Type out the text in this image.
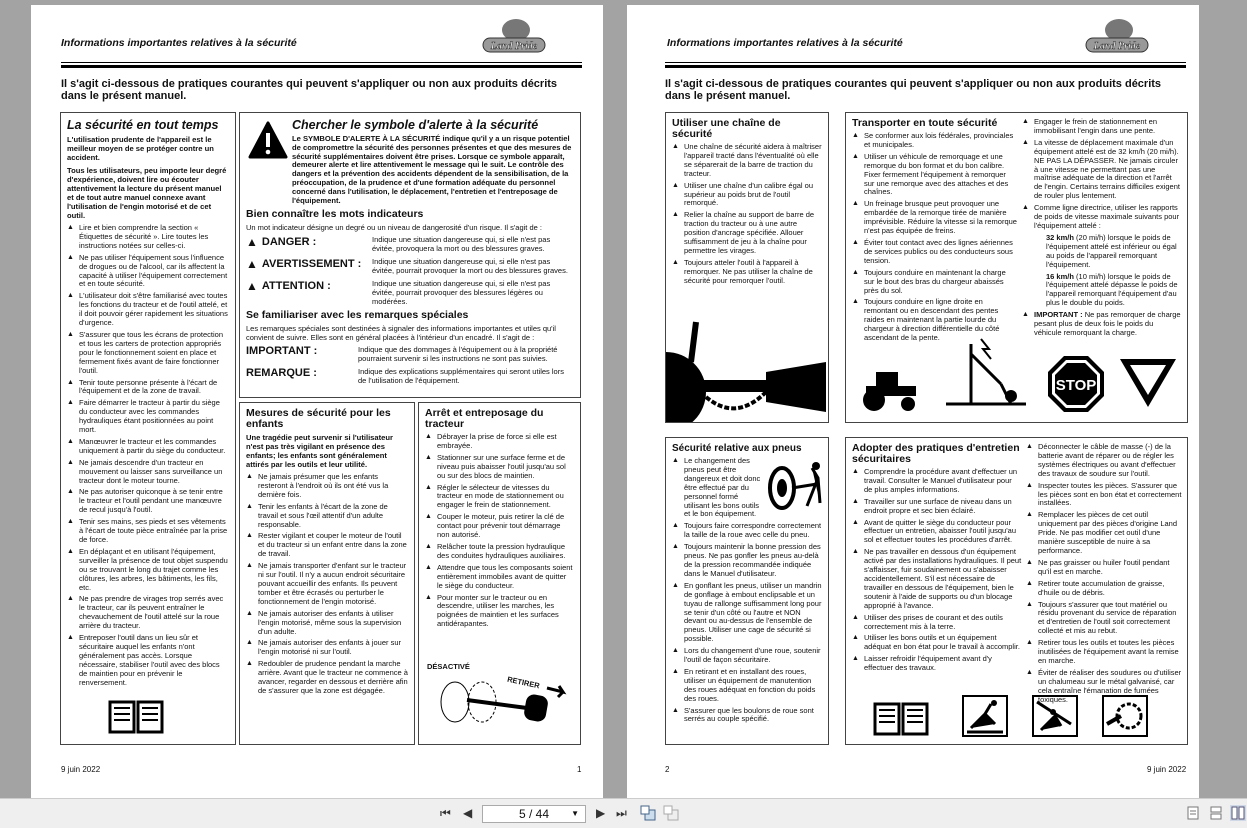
Informations importantes relatives à la sécurité	Land Pride
Il s'agit ci-dessous de pratiques courantes qui peuvent s'appliquer ou non aux produits décrits dans le présent manuel.
La sécurité en tout temps

L'utilisation prudente de l'appareil est le meilleur moyen de se protéger contre un accident.

Tous les utilisateurs, peu importe leur degré d'expérience, doivent lire ou écouter attentivement la lecture du présent manuel et de tout autre manuel connexe avant l'utilisation de l'engin motorisé et de cet outil.

▲ Lire et bien comprendre la section « Étiquettes de sécurité ». Lire toutes les instructions notées sur celles-ci.
▲ Ne pas utiliser l'équipement sous l'influence de drogues ou de l'alcool, car ils affectent la capacité à utiliser l'équipement correctement et en toute sécurité.
▲ L'utilisateur doit s'être familiarisé avec toutes les fonctions du tracteur et de l'outil attelé, et il doit pouvoir gérer rapidement les situations d'urgence.
▲ S'assurer que tous les écrans de protection et tous les carters de protection appropriés pour le fonctionnement soient en place et fermement fixés avant de faire fonctionner l'outil.
▲ Tenir toute personne présente à l'écart de l'équipement et de la zone de travail.
▲ Faire démarrer le tracteur à partir du siège du conducteur avec les commandes hydrauliques étant positionnées au point mort.
▲ Manœuvrer le tracteur et les commandes uniquement à partir du siège du conducteur.
▲ Ne jamais descendre d'un tracteur en mouvement ou laisser sans surveillance un tracteur dont le moteur tourne.
▲ Ne pas autoriser quiconque à se tenir entre le tracteur et l'outil pendant une manœuvre de recul jusqu'à l'outil.
▲ Tenir ses mains, ses pieds et ses vêtements à l'écart de toute pièce entraînée par la prise de force.
▲ En déplaçant et en utilisant l'équipement, surveiller la présence de tout objet suspendu ou se trouvant le long du trajet comme les clôtures, les arbres, les bâtiments, les fils, etc.
▲ Ne pas prendre de virages trop serrés avec le tracteur, car ils peuvent entraîner le chevauchement de l'outil attelé sur la roue arrière du tracteur.
▲ Entreposer l'outil dans un lieu sûr et sécuritaire auquel les enfants n'ont généralement pas accès. Lorsque nécessaire, stabiliser l'outil avec des blocs de maintien pour en prévenir le renversement.
Chercher le symbole d'alerte à la sécurité

Le SYMBOLE D'ALERTE À LA SÉCURITÉ indique qu'il y a un risque potentiel de compromettre la sécurité des personnes présentes et que des mesures de sécurité supplémentaires doivent être prises. Lorsque ce symbole apparaît, demeurer alerte et lire attentivement le message qui le suit. Le contrôle des dangers et la prévention des accidents dépendent de la sensibilisation, de la préoccupation, de la prudence et d'une formation adéquate du personnel concerné dans l'utilisation, le déplacement, l'entretien et l'entreposage de l'équipement.

Bien connaître les mots indicateurs

Un mot indicateur désigne un degré ou un niveau de dangerosité d'un risque. Il s'agit de :

▲ DANGER :	Indique une situation dangereuse qui, si elle n'est pas évitée, provoquera la mort ou des blessures graves.
▲ AVERTISSEMENT : Indique une situation dangereuse qui, si elle n'est pas évitée, pourrait provoquer la mort ou des blessures graves.
▲ ATTENTION :	Indique une situation dangereuse qui, si elle n'est pas évitée, pourrait provoquer des blessures légères ou modérées.
Se familiariser avec les remarques spéciales

Les remarques spéciales sont destinées à signaler des informations importantes et utiles qu'il convient de suivre. Elles sont en général placées à l'intérieur d'un encadré. Il s'agit de :

IMPORTANT :	Indique que des dommages à l'équipement ou à la propriété pourraient survenir si les instructions ne sont pas suivies.
REMARQUE :	Indique des explications supplémentaires qui seront utiles lors de l'utilisation de l'équipement.
Mesures de sécurité pour les enfants

Une tragédie peut survenir si l'utilisateur n'est pas très vigilant en présence des enfants; les enfants sont généralement attirés par les outils et leur utilité.

▲ Ne jamais présumer que les enfants resteront à l'endroit où ils ont été vus la dernière fois.
▲ Tenir les enfants à l'écart de la zone de travail et sous l'œil attentif d'un adulte responsable.
▲ Rester vigilant et couper le moteur de l'outil et du tracteur si un enfant entre dans la zone de travail.
▲ Ne jamais transporter d'enfant sur le tracteur ni sur l'outil. Il n'y a aucun endroit sécuritaire pouvant accueillir des enfants. Ils peuvent tomber et être écrasés ou perturber le fonctionnement de l'engin motorisé.
▲ Ne jamais autoriser des enfants à utiliser l'engin motorisé, même sous la supervision d'un adulte.
▲ Ne jamais autoriser des enfants à jouer sur l'engin motorisé ni sur l'outil.
▲ Redoubler de prudence pendant la marche arrière. Avant que le tracteur ne commence à avancer, regarder en dessous et derrière afin de s'assurer que la zone est dégagée.
Arrêt et entreposage du tracteur
▲ Débrayer la prise de force si elle est embrayée.
▲ Stationner sur une surface ferme et de niveau puis abaisser l'outil jusqu'au sol ou sur des blocs de maintien.
▲ Régler le sélecteur de vitesses du tracteur en mode de stationnement ou engager le frein de stationnement.
▲ Couper le moteur, puis retirer la clé de contact pour prévenir tout démarrage non autorisé.
▲ Relâcher toute la pression hydraulique des conduites hydrauliques auxiliaires.
▲ Attendre que tous les composants soient entièrement immobiles avant de quitter le siège du conducteur.
▲ Pour monter sur le tracteur ou en descendre, utiliser les marches, les poignées de maintien et les surfaces antidérapantes.
DÉSACTIVÉ
RETIRER
9 juin 2022	1
Informations importantes relatives à la sécurité	Land Pride
Il s'agit ci-dessous de pratiques courantes qui peuvent s'appliquer ou non aux produits décrits dans le présent manuel.
Utiliser une chaîne de sécurité
▲ Une chaîne de sécurité aidera à maîtriser l'appareil tracté dans l'éventualité où elle se séparerait de la barre de traction du tracteur.
▲ Utiliser une chaîne d'un calibre égal ou supérieur au poids brut de l'outil remorqué.
▲ Relier la chaîne au support de barre de traction du tracteur ou à une autre position d'ancrage spécifiée. Allouer suffisamment de jeu à la chaîne pour permettre les virages.
▲ Toujours atteler l'outil à l'appareil à remorquer. Ne pas utiliser la chaîne de sécurité pour remorquer l'outil.
Transporter en toute sécurité
▲ Se conformer aux lois fédérales, provinciales et municipales.
▲ Utiliser un véhicule de remorquage et une remorque du bon format et du bon calibre. Fixer fermement l'équipement à remorquer sur une remorque avec des attaches et des chaînes.
▲ Un freinage brusque peut provoquer une embardée de la remorque tirée de manière imprévisible. Réduire la vitesse si la remorque n'est pas équipée de freins.
▲ Éviter tout contact avec des lignes aériennes de services publics ou des conducteurs sous tension.
▲ Toujours conduire en maintenant la charge sur le bout des bras du chargeur abaissés près du sol.
▲ Toujours conduire en ligne droite en remontant ou en descendant des pentes raides en maintenant la partie lourde du chargeur à direction différentielle du côté ascendant de la pente.
▲ Engager le frein de stationnement en immobilisant l'engin dans une pente.
▲ La vitesse de déplacement maximale d'un équipement attelé est de 32 km/h (20 mi/h). NE PAS LA DÉPASSER. Ne jamais circuler à une vitesse ne permettant pas une maîtrise adéquate de la direction et l'arrêt de l'engin. Certains terrains difficiles exigent de rouler plus lentement.
▲ Comme ligne directrice, utiliser les rapports de poids de vitesse maximale suivants pour l'équipement attelé :

32 km/h (20 mi/h) lorsque le poids de l'équipement attelé est inférieur ou égal au poids de l'appareil remorquant l'équipement.

16 km/h (10 mi/h) lorsque le poids de l'équipement attelé dépasse le poids de l'appareil remorquant l'équipement d'au plus le double du poids.

▲ IMPORTANT : Ne pas remorquer de charge pesant plus de deux fois le poids du véhicule remorquant la charge.
STOP
Sécurité relative aux pneus
▲ Le changement des pneus peut être dangereux et doit donc être effectué par du personnel formé utilisant les bons outils et le bon équipement.
▲ Toujours faire correspondre correctement la taille de la roue avec celle du pneu.
▲ Toujours maintenir la bonne pression des pneus. Ne pas gonfler les pneus au-delà de la pression recommandée indiquée dans le Manuel d'utilisateur.
▲ En gonflant les pneus, utiliser un mandrin de gonflage à embout enclipsable et un tuyau de rallonge suffisamment long pour se tenir d'un côté ou l'autre et NON devant ou au-dessus de l'ensemble de pneus. Utiliser une cage de sécurité si possible.
▲ Lors du changement d'une roue, soutenir l'outil de façon sécuritaire.
▲ En retirant et en installant des roues, utiliser un équipement de manutention des roues adéquat en fonction du poids des roues.
▲ S'assurer que les boulons de roue sont serrés au couple spécifié.
Adopter des pratiques d'entretien sécuritaires
▲ Comprendre la procédure avant d'effectuer un travail. Consulter le Manuel d'utilisateur pour de plus amples informations.
▲ Travailler sur une surface de niveau dans un endroit propre et sec bien éclairé.
▲ Avant de quitter le siège du conducteur pour effectuer un entretien, abaisser l'outil jusqu'au sol et effectuer toutes les procédures d'arrêt.
▲ Ne pas travailler en dessous d'un équipement activé par des installations hydrauliques. Il peut s'affaisser, fuir soudainement ou s'abaisser accidentellement. S'il est nécessaire de travailler en dessous de l'équipement, bien le soutenir à l'aide de supports ou d'un blocage approprié à l'avance.
▲ Utiliser des prises de courant et des outils correctement mis à la terre.
▲ Utiliser les bons outils et un équipement adéquat en bon état pour le travail à accomplir.
▲ Laisser refroidir l'équipement avant d'y effectuer des travaux.
▲ Déconnecter le câble de masse (-) de la batterie avant de réparer ou de régler les systèmes électriques ou avant d'effectuer des travaux de soudure sur l'outil.
▲ Inspecter toutes les pièces. S'assurer que les pièces sont en bon état et correctement installées.
▲ Remplacer les pièces de cet outil uniquement par des pièces d'origine Land Pride. Ne pas modifier cet outil d'une manière susceptible de nuire à sa performance.
▲ Ne pas graisser ou huiler l'outil pendant qu'il est en marche.
▲ Retirer toute accumulation de graisse, d'huile ou de débris.
▲ Toujours s'assurer que tout matériel ou résidu provenant du service de réparation et d'entretien de l'outil soit correctement collecté et mis au rebut.
▲ Retirer tous les outils et toutes les pièces inutilisées de l'équipement avant la remise en marche.
▲ Éviter de réaliser des soudures ou d'utiliser un chalumeau sur le métal galvanisé, car cela entraîne l'émanation de fumées toxiques.
2	9 juin 2022
⏮ ◀	5 / 44	▼ ▶ ⏭
